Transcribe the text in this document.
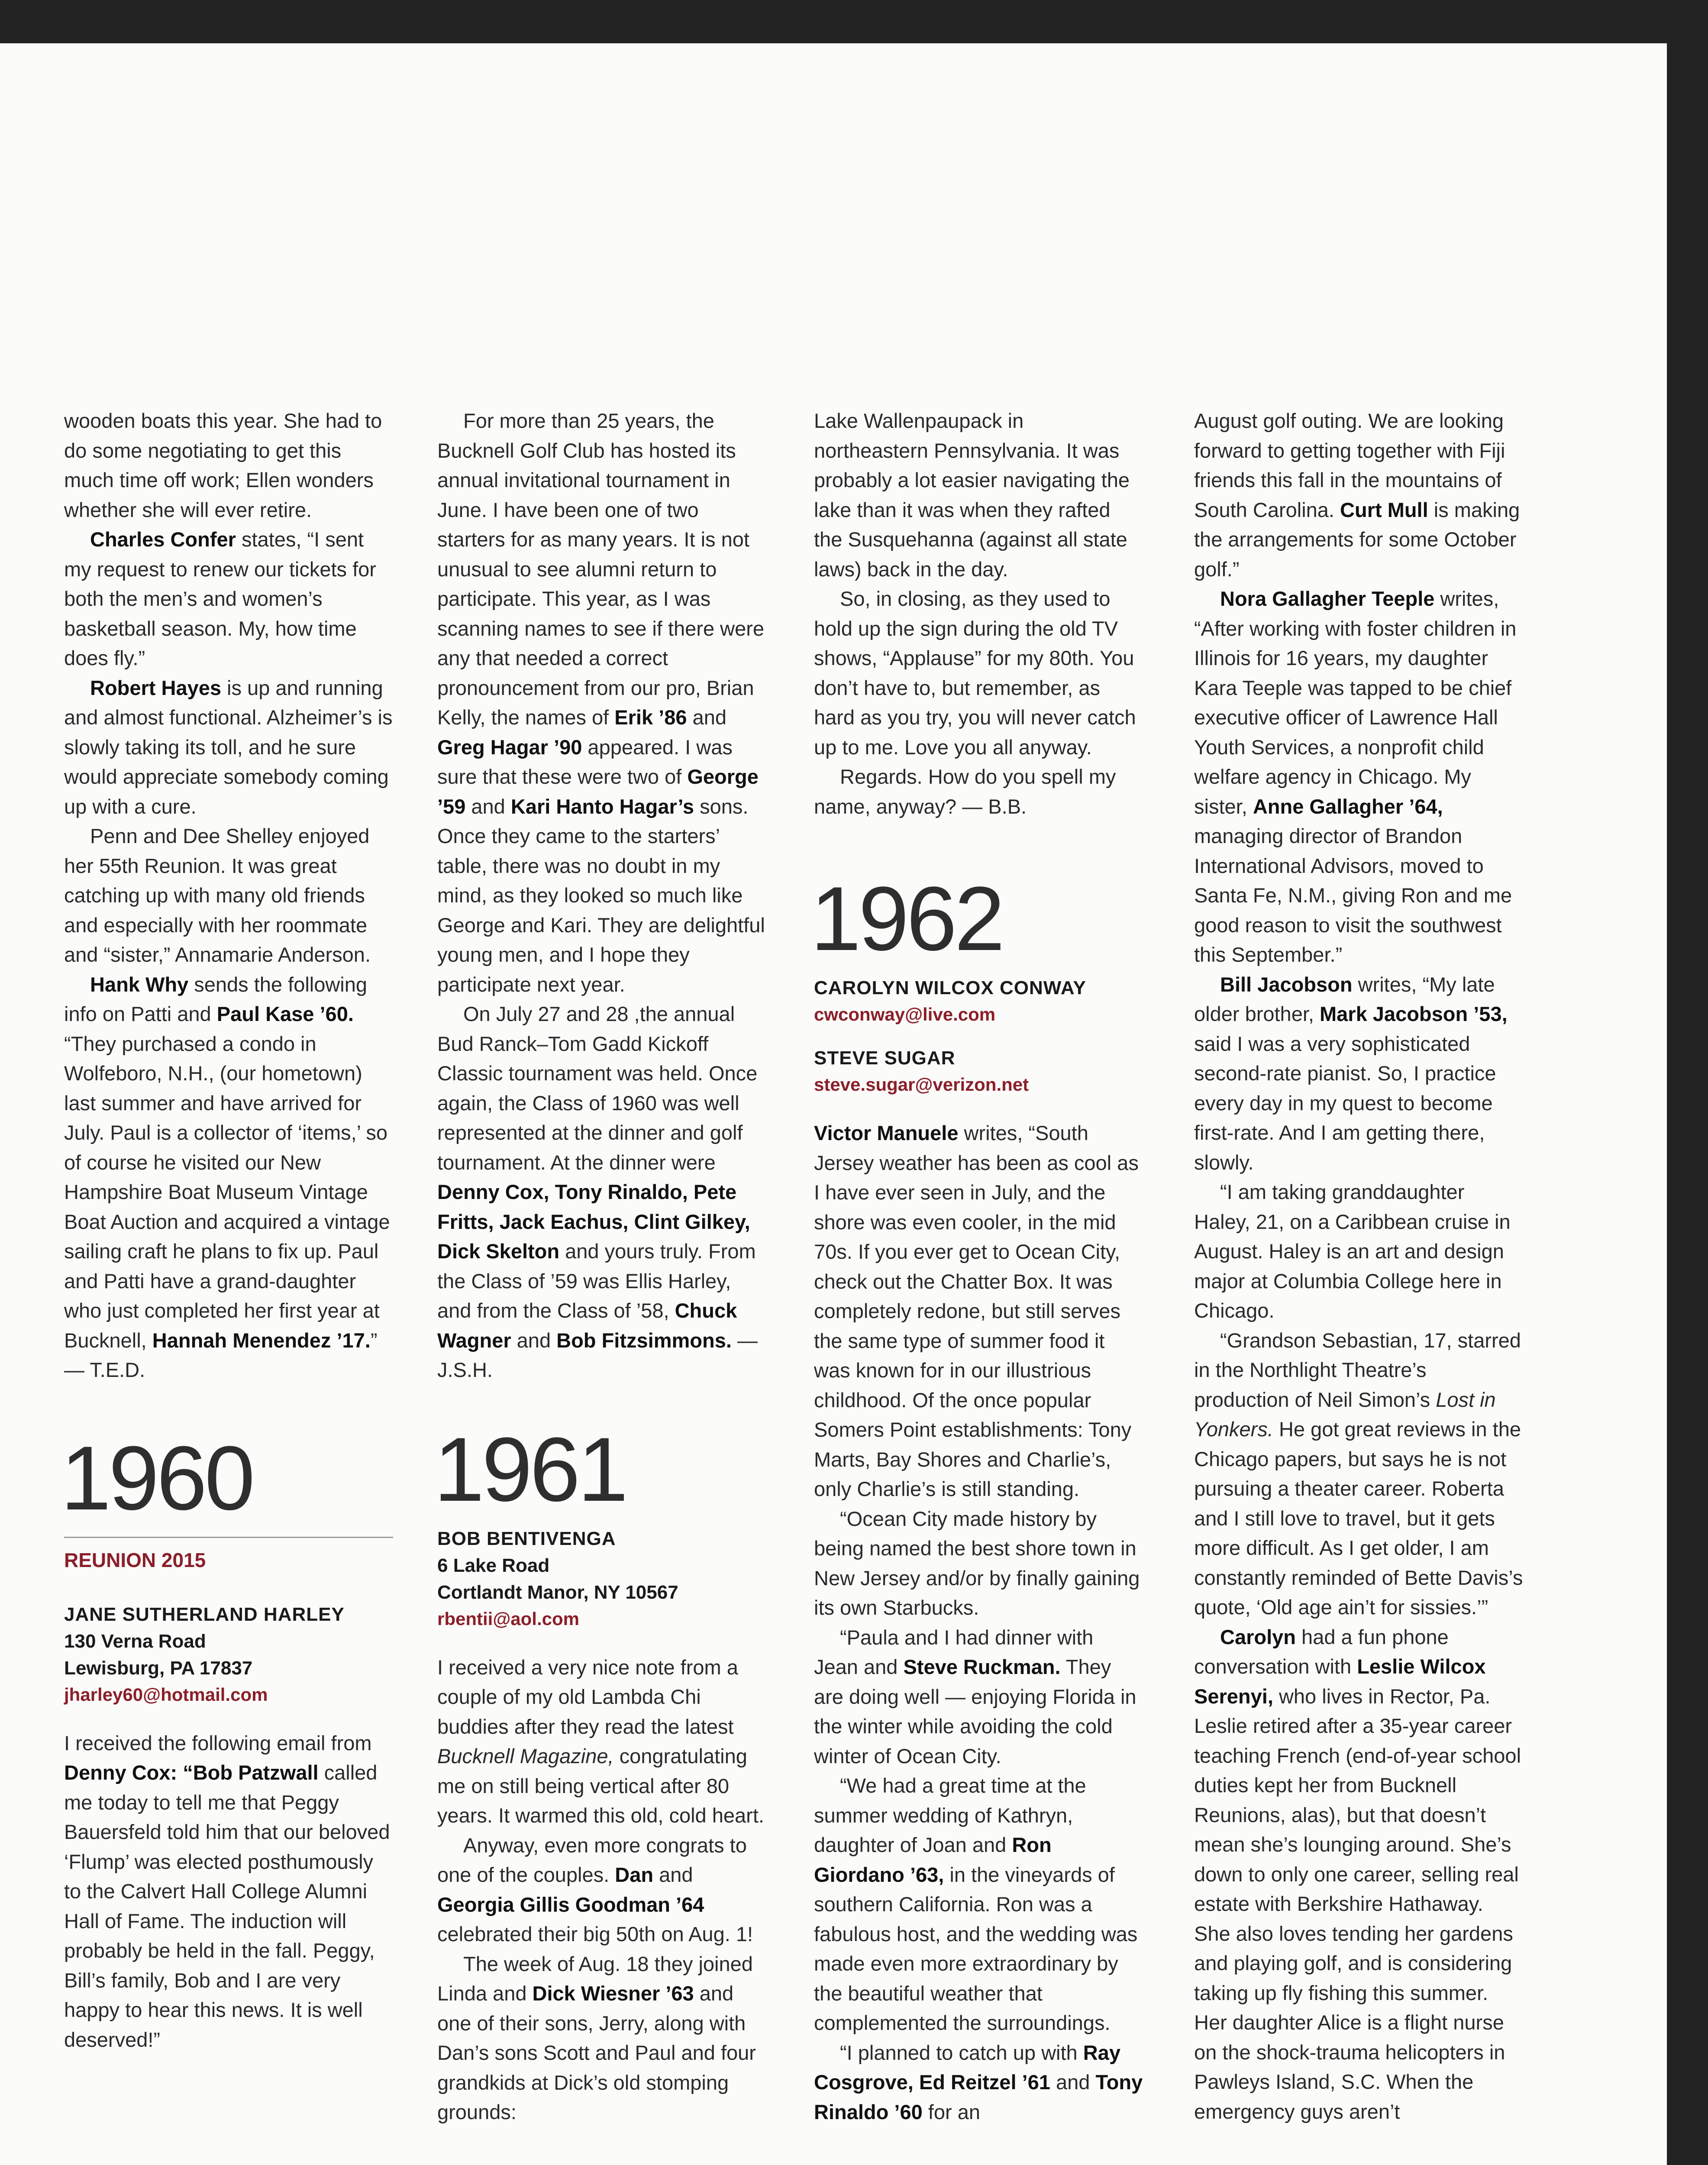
wooden boats this year. She had to do some negotiating to get this much time off work; Ellen wonders whether she will ever retire.

Charles Confer states, “I sent my request to renew our tickets for both the men’s and women’s basketball season. My, how time does fly.”

Robert Hayes is up and running and almost functional. Alzheimer’s is slowly taking its toll, and he sure would appreciate somebody coming up with a cure.

Penn and Dee Shelley enjoyed her 55th Reunion. It was great catching up with many old friends and especially with her roommate and “sister,” Annamarie Anderson.

Hank Why sends the following info on Patti and Paul Kase ’60. “They purchased a condo in Wolfeboro, N.H., (our hometown) last summer and have arrived for July. Paul is a collector of ‘items,’ so of course he visited our New Hampshire Boat Museum Vintage Boat Auction and acquired a vintage sailing craft he plans to fix up. Paul and Patti have a grand-daughter who just completed her first year at Bucknell, Hannah Menendez ’17.”

— T.E.D.

1960
REUNION 2015
JANE SUTHERLAND HARLEY
130 Verna Road
Lewisburg, PA 17837
jharley60@hotmail.com

I received the following email from Denny Cox: “Bob Patzwall called me today to tell me that Peggy Bauersfeld told him that our beloved ‘Flump’ was elected posthumously to the Calvert Hall College Alumni Hall of Fame. The induction will probably be held in the fall. Peggy, Bill’s family, Bob and I are very happy to hear this news. It is well deserved!”

For more than 25 years, the Bucknell Golf Club has hosted its annual invitational tournament in June. I have been one of two starters for as many years. It is not unusual to see alumni return to participate. This year, as I was scanning names to see if there were any that needed a correct pronouncement from our pro, Brian Kelly, the names of Erik ’86 and Greg Hagar ’90 appeared. I was sure that these were two of George ’59 and Kari Hanto Hagar’s sons. Once they came to the starters’ table, there was no doubt in my mind, as they looked so much like George and Kari. They are delightful young men, and I hope they participate next year.

On July 27 and 28 ,the annual Bud Ranck–Tom Gadd Kickoff Classic tournament was held. Once again, the Class of 1960 was well represented at the dinner and golf tournament. At the dinner were Denny Cox, Tony Rinaldo, Pete Fritts, Jack Eachus, Clint Gilkey, Dick Skelton and yours truly. From the Class of ’59 was Ellis Harley, and from the Class of ’58, Chuck Wagner and Bob Fitzsimmons. — J.S.H.

1961
BOB BENTIVENGA
6 Lake Road
Cortlandt Manor, NY 10567
rbentii@aol.com

I received a very nice note from a couple of my old Lambda Chi buddies after they read the latest Bucknell Magazine, congratulating me on still being vertical after 80 years. It warmed this old, cold heart.

Anyway, even more congrats to one of the couples. Dan and Georgia Gillis Goodman ’64 celebrated their big 50th on Aug. 1!

The week of Aug. 18 they joined Linda and Dick Wiesner ’63 and one of their sons, Jerry, along with Dan’s sons Scott and Paul and four grandkids at Dick’s old stomping grounds:

Lake Wallenpaupack in northeastern Pennsylvania. It was probably a lot easier navigating the lake than it was when they rafted the Susquehanna (against all state laws) back in the day.

So, in closing, as they used to hold up the sign during the old TV shows, “Applause” for my 80th. You don’t have to, but remember, as hard as you try, you will never catch up to me. Love you all anyway.

Regards. How do you spell my name, anyway? — B.B.

1962
CAROLYN WILCOX CONWAY
cwconway@live.com
STEVE SUGAR
steve.sugar@verizon.net

Victor Manuele writes, “South Jersey weather has been as cool as I have ever seen in July, and the shore was even cooler, in the mid 70s. If you ever get to Ocean City, check out the Chatter Box. It was completely redone, but still serves the same type of summer food it was known for in our illustrious childhood. Of the once popular Somers Point establishments: Tony Marts, Bay Shores and Charlie’s, only Charlie’s is still standing.

“Ocean City made history by being named the best shore town in New Jersey and/or by finally gaining its own Starbucks.

“Paula and I had dinner with Jean and Steve Ruckman. They are doing well — enjoying Florida in the winter while avoiding the cold winter of Ocean City.

“We had a great time at the summer wedding of Kathryn, daughter of Joan and Ron Giordano ’63, in the vineyards of southern California. Ron was a fabulous host, and the wedding was made even more extraordinary by the beautiful weather that complemented the surroundings.

“I planned to catch up with Ray Cosgrove, Ed Reitzel ’61 and Tony Rinaldo ’60 for an

August golf outing. We are looking forward to getting together with Fiji friends this fall in the mountains of South Carolina. Curt Mull is making the arrangements for some October golf.”

Nora Gallagher Teeple writes, “After working with foster children in Illinois for 16 years, my daughter Kara Teeple was tapped to be chief executive officer of Lawrence Hall Youth Services, a nonprofit child welfare agency in Chicago. My sister, Anne Gallagher ’64, managing director of Brandon International Advisors, moved to Santa Fe, N.M., giving Ron and me good reason to visit the southwest this September.”

Bill Jacobson writes, “My late older brother, Mark Jacobson ’53, said I was a very sophisticated second-rate pianist. So, I practice every day in my quest to become first-rate. And I am getting there, slowly.

“I am taking granddaughter Haley, 21, on a Caribbean cruise in August. Haley is an art and design major at Columbia College here in Chicago.

“Grandson Sebastian, 17, starred in the Northlight Theatre’s production of Neil Simon’s Lost in Yonkers. He got great reviews in the Chicago papers, but says he is not pursuing a theater career. Roberta and I still love to travel, but it gets more difficult. As I get older, I am constantly reminded of Bette Davis’s quote, ‘Old age ain’t for sissies.’”

Carolyn had a fun phone conversation with Leslie Wilcox Serenyi, who lives in Rector, Pa. Leslie retired after a 35-year career teaching French (end-of-year school duties kept her from Bucknell Reunions, alas), but that doesn’t mean she’s lounging around. She’s down to only one career, selling real estate with Berkshire Hathaway. She also loves tending her gardens and playing golf, and is considering taking up fly fishing this summer. Her daughter Alice is a flight nurse on the shock-trauma helicopters in Pawleys Island, S.C. When the emergency guys aren’t
